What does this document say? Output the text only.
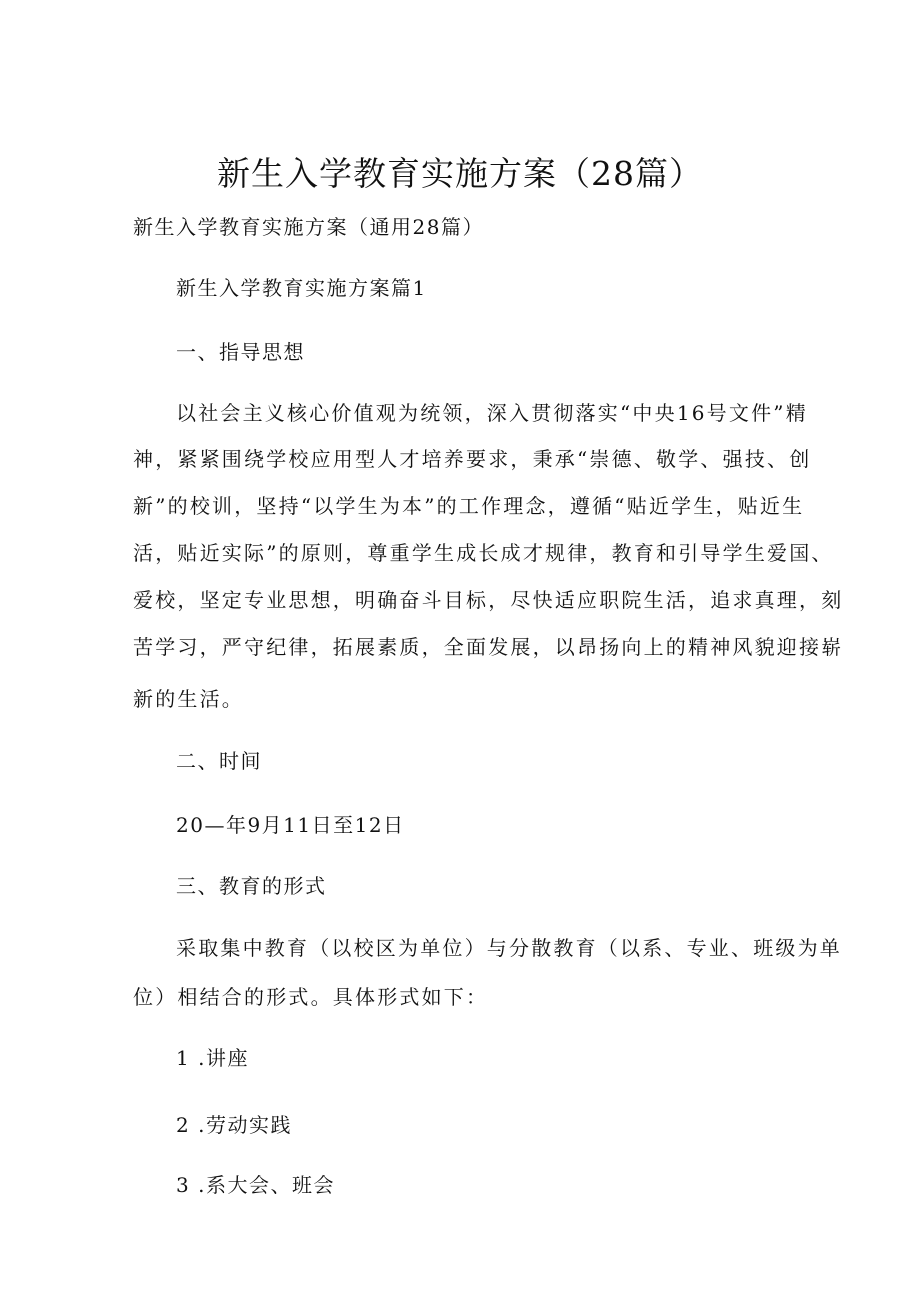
新生入学教育实施方案（28篇）

新生入学教育实施方案（通用28篇）

新生入学教育实施方案篇1

一、指导思想

以社会主义核心价值观为统领，深入贯彻落实“中央16号文件”精

神，紧紧围绕学校应用型人才培养要求，秉承“崇德、敬学、强技、创

新”的校训，坚持“以学生为本”的工作理念，遵循“贴近学生，贴近生

活，贴近实际”的原则，尊重学生成长成才规律，教育和引导学生爱国、

爱校，坚定专业思想，明确奋斗目标，尽快适应职院生活，追求真理，刻

苦学习，严守纪律，拓展素质，全面发展，以昂扬向上的精神风貌迎接崭

新的生活。

二、时间

20—年9月11日至12日

三、教育的形式

采取集中教育（以校区为单位）与分散教育（以系、专业、班级为单

位）相结合的形式。具体形式如下：

1 .讲座

2 .劳动实践

3 .系大会、班会
